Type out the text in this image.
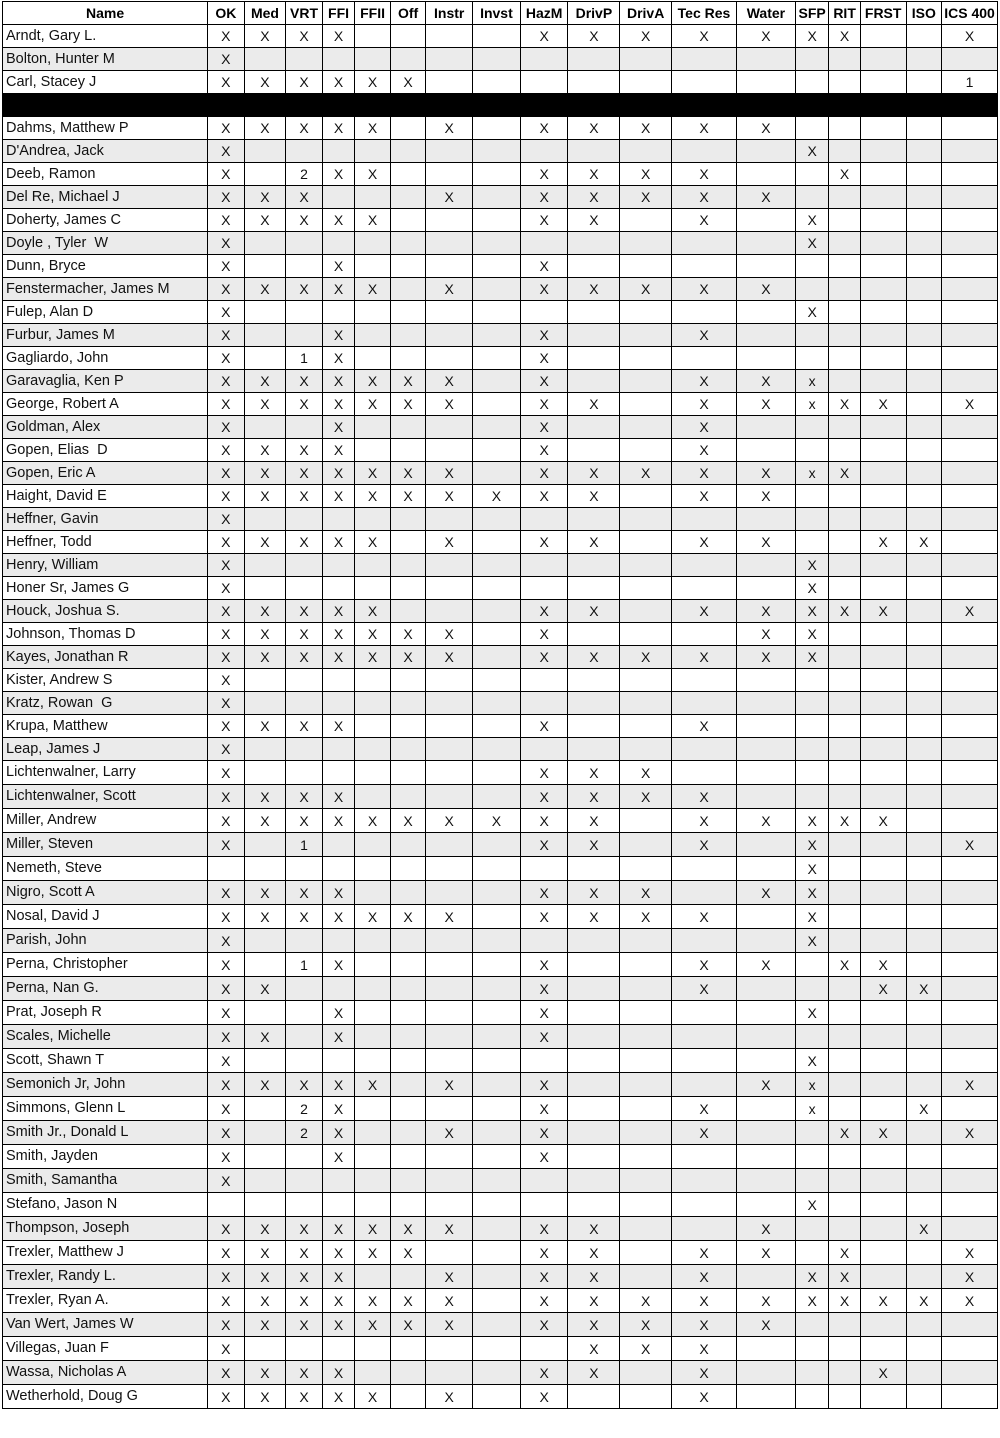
Name	OK	Med	VRT	FFI	FFII	Off	Instr	Invst	HazM	DrivP	DrivA	Tec Res	Water	SFP	RIT	FRST	ISO	ICS 400
Arndt, Gary L.	X	X	X	X					X	X	X	X	X	X	X			X
Bolton, Hunter M	X																	
Carl, Stacey J	X	X	X	X	X	X												1

Dahms, Matthew P	X	X	X	X	X		X		X	X	X	X	X					
D'Andrea, Jack	X													X				
Deeb, Ramon	X		2	X	X				X	X	X	X			X			
Del Re, Michael J	X	X	X				X		X	X	X	X	X					
Doherty, James C	X	X	X	X	X				X	X		X		X				
Doyle , Tyler  W	X													X				
Dunn, Bryce	X			X					X									
Fenstermacher, James M	X	X	X	X	X		X		X	X	X	X	X					
Fulep, Alan D	X													X				
Furbur, James M	X			X					X			X						
Gagliardo, John	X		1	X					X									
Garavaglia, Ken P	X	X	X	X	X	X	X		X			X	X	x				
George, Robert A	X	X	X	X	X	X	X		X	X		X	X	x	X	X		X
Goldman, Alex	X			X					X			X						
Gopen, Elias  D	X	X	X	X					X			X						
Gopen, Eric A	X	X	X	X	X	X	X		X	X	X	X	X	x	X			
Haight, David E	X	X	X	X	X	X	X	X	X	X		X	X					
Heffner, Gavin	X																	
Heffner, Todd	X	X	X	X	X		X		X	X		X	X			X	X	
Henry, William	X													X				
Honer Sr, James G	X													X				
Houck, Joshua S.	X	X	X	X	X				X	X		X	X	X	X	X		X
Johnson, Thomas D	X	X	X	X	X	X	X		X				X	X				
Kayes, Jonathan R	X	X	X	X	X	X	X		X	X	X	X	X	X				
Kister, Andrew S	X																	
Kratz, Rowan  G	X																	
Krupa, Matthew	X	X	X	X					X			X						
Leap, James J	X																	
Lichtenwalner, Larry	X								X	X	X							
Lichtenwalner, Scott	X	X	X	X					X	X	X	X						
Miller, Andrew	X	X	X	X	X	X	X	X	X	X		X	X	X	X	X		
Miller, Steven	X		1						X	X		X		X				X
Nemeth, Steve														X				
Nigro, Scott A	X	X	X	X					X	X	X		X	X				
Nosal, David J	X	X	X	X	X	X	X		X	X	X	X		X				
Parish, John	X													X				
Perna, Christopher	X		1	X					X			X	X		X	X		
Perna, Nan G.	X	X							X			X				X	X	
Prat, Joseph R	X			X					X					X				
Scales, Michelle	X	X		X					X									
Scott, Shawn T	X													X				
Semonich Jr, John	X	X	X	X	X		X		X				X	x				X
Simmons, Glenn L	X		2	X					X			X		x			X	
Smith Jr., Donald L	X		2	X			X		X			X			X	X		X
Smith, Jayden	X			X					X									
Smith, Samantha	X																	
Stefano, Jason N														X				
Thompson, Joseph	X	X	X	X	X	X	X		X	X			X				X	
Trexler, Matthew J	X	X	X	X	X	X			X	X		X	X		X			X
Trexler, Randy L.	X	X	X	X			X		X	X		X		X	X			X
Trexler, Ryan A.	X	X	X	X	X	X	X		X	X	X	X	X	X	X	X	X	X
Van Wert, James W	X	X	X	X	X	X	X		X	X	X	X	X					
Villegas, Juan F	X									X	X	X						
Wassa, Nicholas A	X	X	X	X					X	X		X				X		
Wetherhold, Doug G	X	X	X	X	X		X		X			X						
